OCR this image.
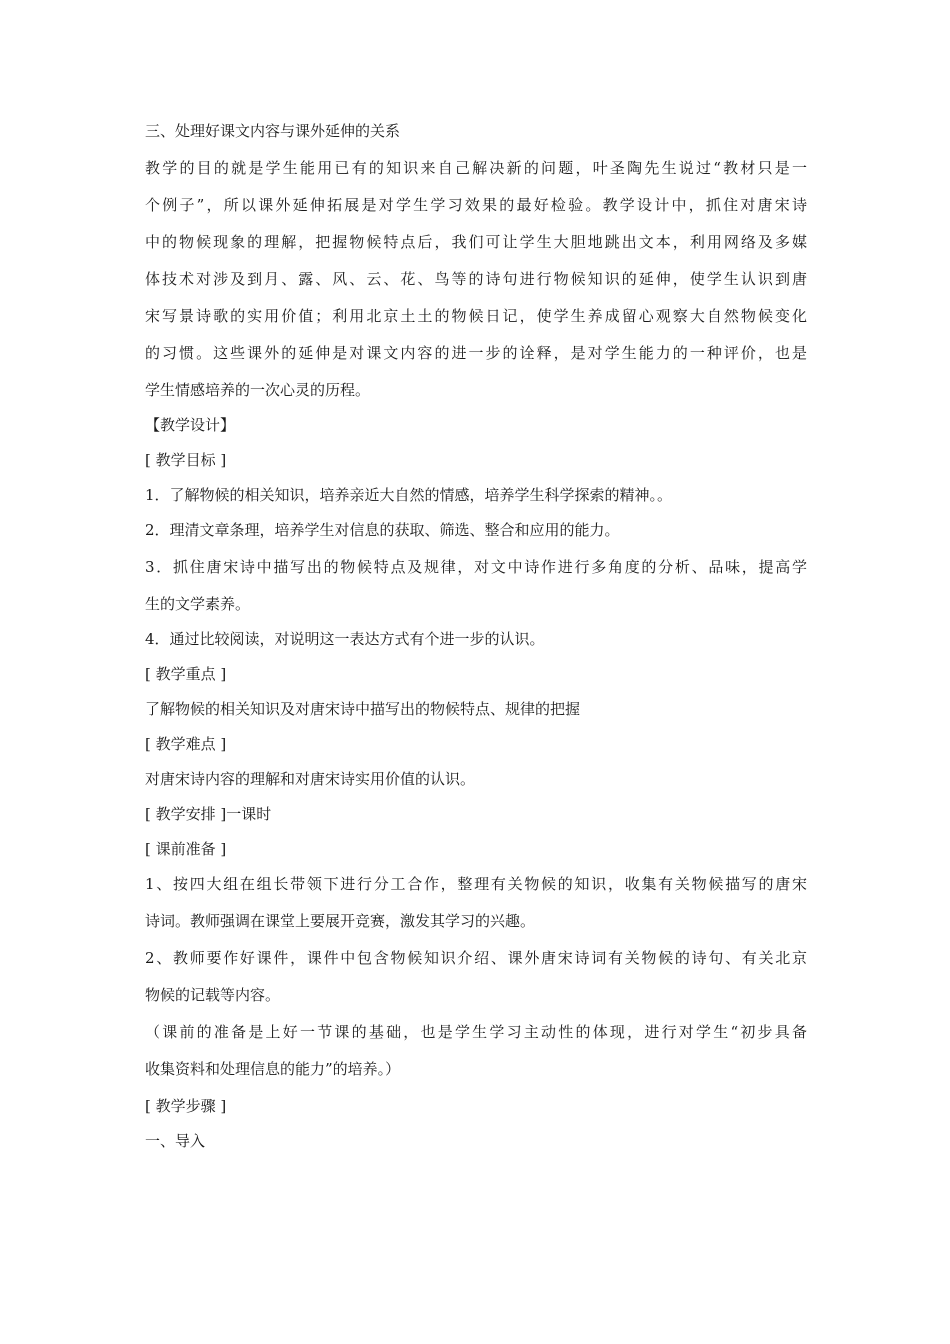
三、处理好课文内容与课外延伸的关系
教学的目的就是学生能用已有的知识来自己解决新的问题，叶圣陶先生说过“教材只是一
个例子”，所以课外延伸拓展是对学生学习效果的最好检验。教学设计中，抓住对唐宋诗
中的物候现象的理解，把握物候特点后，我们可让学生大胆地跳出文本，利用网络及多媒
体技术对涉及到月、露、风、云、花、鸟等的诗句进行物候知识的延伸，使学生认识到唐
宋写景诗歌的实用价值；利用北京土土的物候日记，使学生养成留心观察大自然物候变化
的习惯。这些课外的延伸是对课文内容的进一步的诠释，是对学生能力的一种评价，也是
学生情感培养的一次心灵的历程。
【教学设计】
[ 教学目标 ]
1．了解物候的相关知识，培养亲近大自然的情感，培养学生科学探索的精神。。
2．理清文章条理，培养学生对信息的获取、筛选、整合和应用的能力。
3．抓住唐宋诗中描写出的物候特点及规律，对文中诗作进行多角度的分析、品味，提高学
生的文学素养。
4．通过比较阅读，对说明这一表达方式有个进一步的认识。
[ 教学重点 ]
了解物候的相关知识及对唐宋诗中描写出的物候特点、规律的把握
[ 教学难点 ]
对唐宋诗内容的理解和对唐宋诗实用价值的认识。
[ 教学安排 ]一课时
[ 课前准备 ]
1、按四大组在组长带领下进行分工合作，整理有关物候的知识，收集有关物候描写的唐宋
诗词。教师强调在课堂上要展开竞赛，激发其学习的兴趣。
2、教师要作好课件，课件中包含物候知识介绍、课外唐宋诗词有关物候的诗句、有关北京
物候的记载等内容。
（课前的准备是上好一节课的基础，也是学生学习主动性的体现，进行对学生“初步具备
收集资料和处理信息的能力”的培养。）
[ 教学步骤 ]
一、导入
